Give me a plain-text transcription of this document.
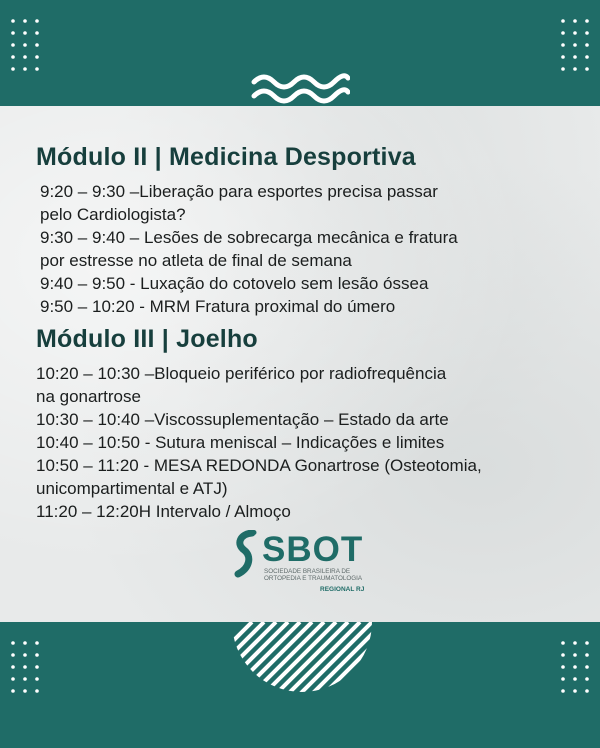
Módulo II | Medicina Desportiva

9:20 – 9:30 –Liberação para esportes precisa passar

pelo Cardiologista?

9:30 – 9:40 – Lesões de sobrecarga mecânica e fratura

por estresse no atleta de final de semana

9:40 – 9:50 - Luxação do cotovelo sem lesão óssea

9:50 – 10:20 - MRM Fratura proximal do úmero

Módulo III | Joelho

10:20 – 10:30 –Bloqueio periférico por radiofrequência

na gonartrose

10:30 – 10:40 –Viscossuplementação – Estado da arte

10:40 – 10:50 - Sutura meniscal – Indicações e limites

10:50 – 11:20 - MESA REDONDA Gonartrose (Osteotomia,

unicompartimental e ATJ)

11:20 – 12:20H Intervalo / Almoço

SBOT
SOCIEDADE BRASILEIRA DE
ORTOPEDIA E TRAUMATOLOGIA
REGIONAL RJ
